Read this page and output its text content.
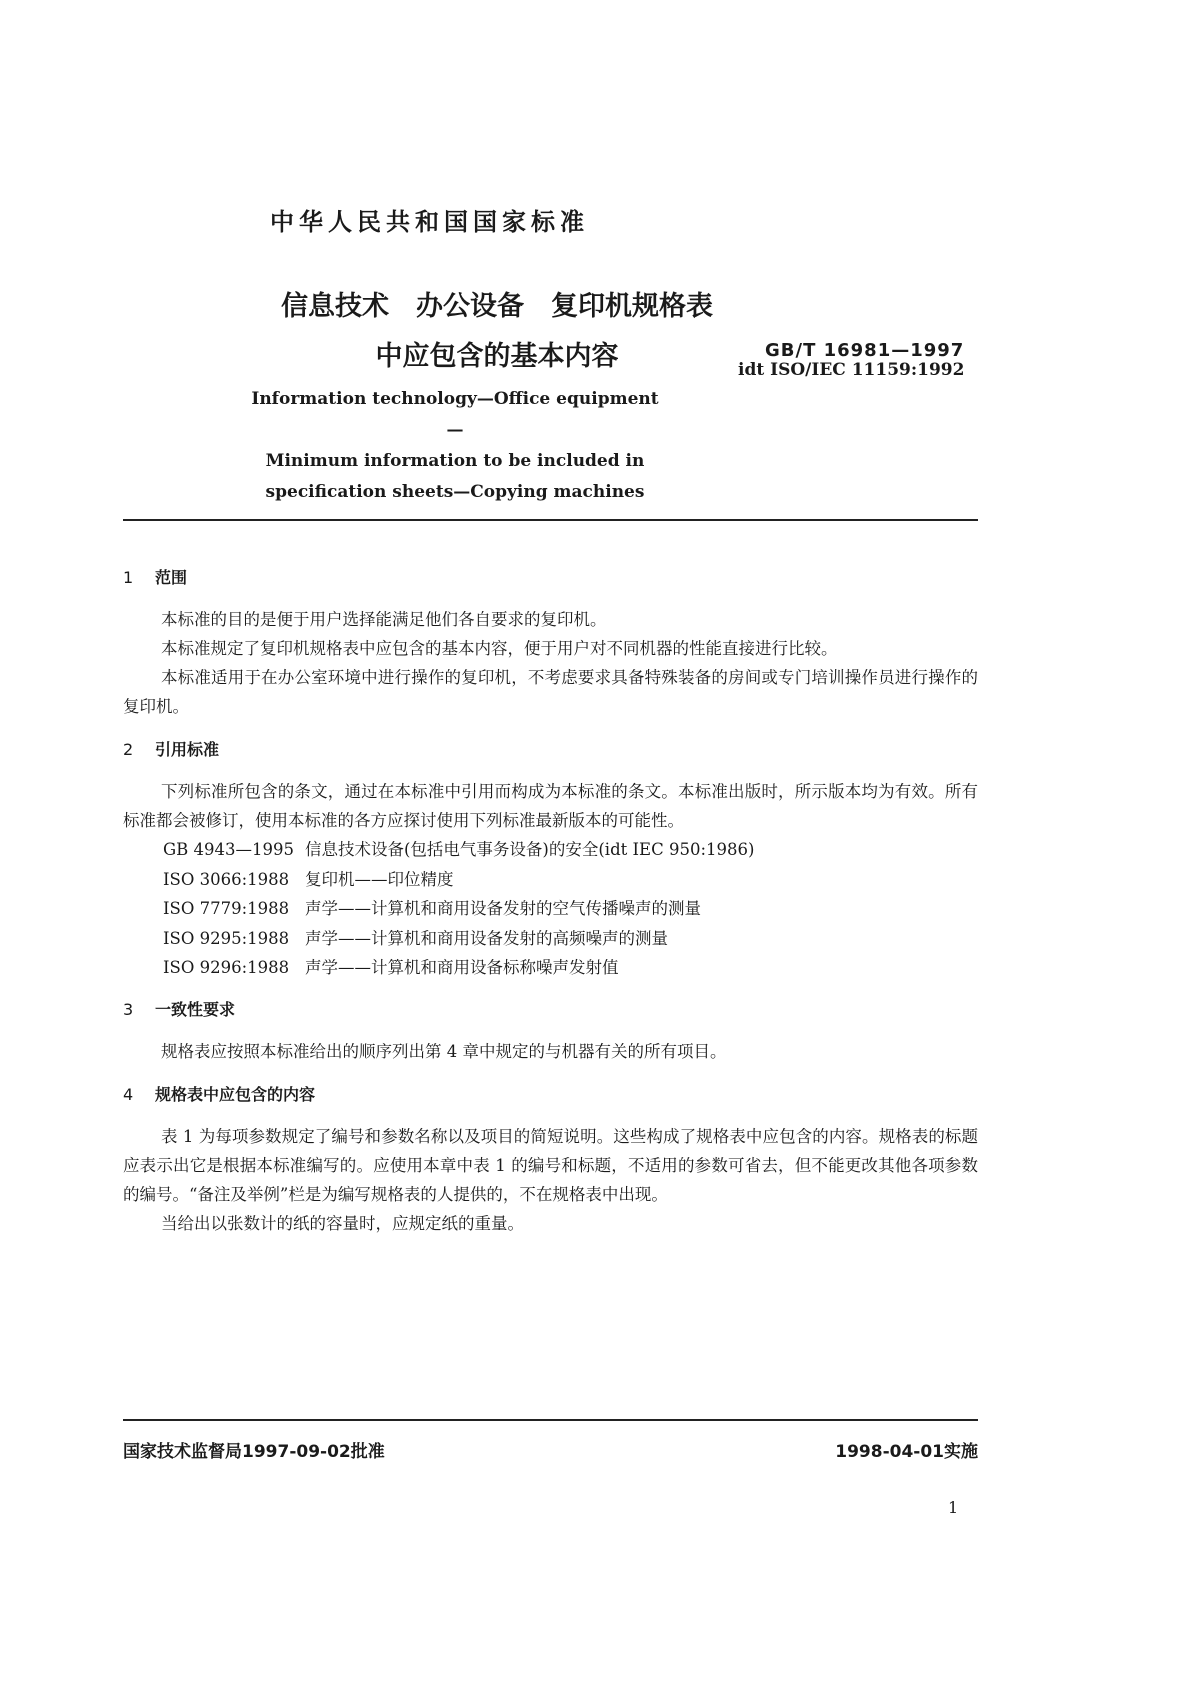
中华人民共和国国家标准
信息技术　办公设备　复印机规格表
中应包含的基本内容	GB/T 16981—1997
idt ISO/IEC 11159:1992
Information technology—Office equipment—
Minimum information to be included in
specification sheets—Copying machines
1 范围

本标准的目的是便于用户选择能满足他们各自要求的复印机。

本标准规定了复印机规格表中应包含的基本内容，便于用户对不同机器的性能直接进行比较。

本标准适用于在办公室环境中进行操作的复印机，不考虑要求具备特殊装备的房间或专门培训操作员进行操作的复印机。

2 引用标准

下列标准所包含的条文，通过在本标准中引用而构成为本标准的条文。本标准出版时，所示版本均为有效。所有标准都会被修订，使用本标准的各方应探讨使用下列标准最新版本的可能性。

GB 4943—1995 信息技术设备(包括电气事务设备)的安全(idt IEC 950:1986)
ISO 3066:1988 复印机——印位精度
ISO 7779:1988 声学——计算机和商用设备发射的空气传播噪声的测量
ISO 9295:1988 声学——计算机和商用设备发射的高频噪声的测量
ISO 9296:1988 声学——计算机和商用设备标称噪声发射值
3 一致性要求

规格表应按照本标准给出的顺序列出第 4 章中规定的与机器有关的所有项目。

4 规格表中应包含的内容

表 1 为每项参数规定了编号和参数名称以及项目的简短说明。这些构成了规格表中应包含的内容。规格表的标题应表示出它是根据本标准编写的。应使用本章中表 1 的编号和标题，不适用的参数可省去，但不能更改其他各项参数的编号。“备注及举例”栏是为编写规格表的人提供的，不在规格表中出现。

当给出以张数计的纸的容量时，应规定纸的重量。

国家技术监督局1997-09-02批准	1998-04-01实施
1
